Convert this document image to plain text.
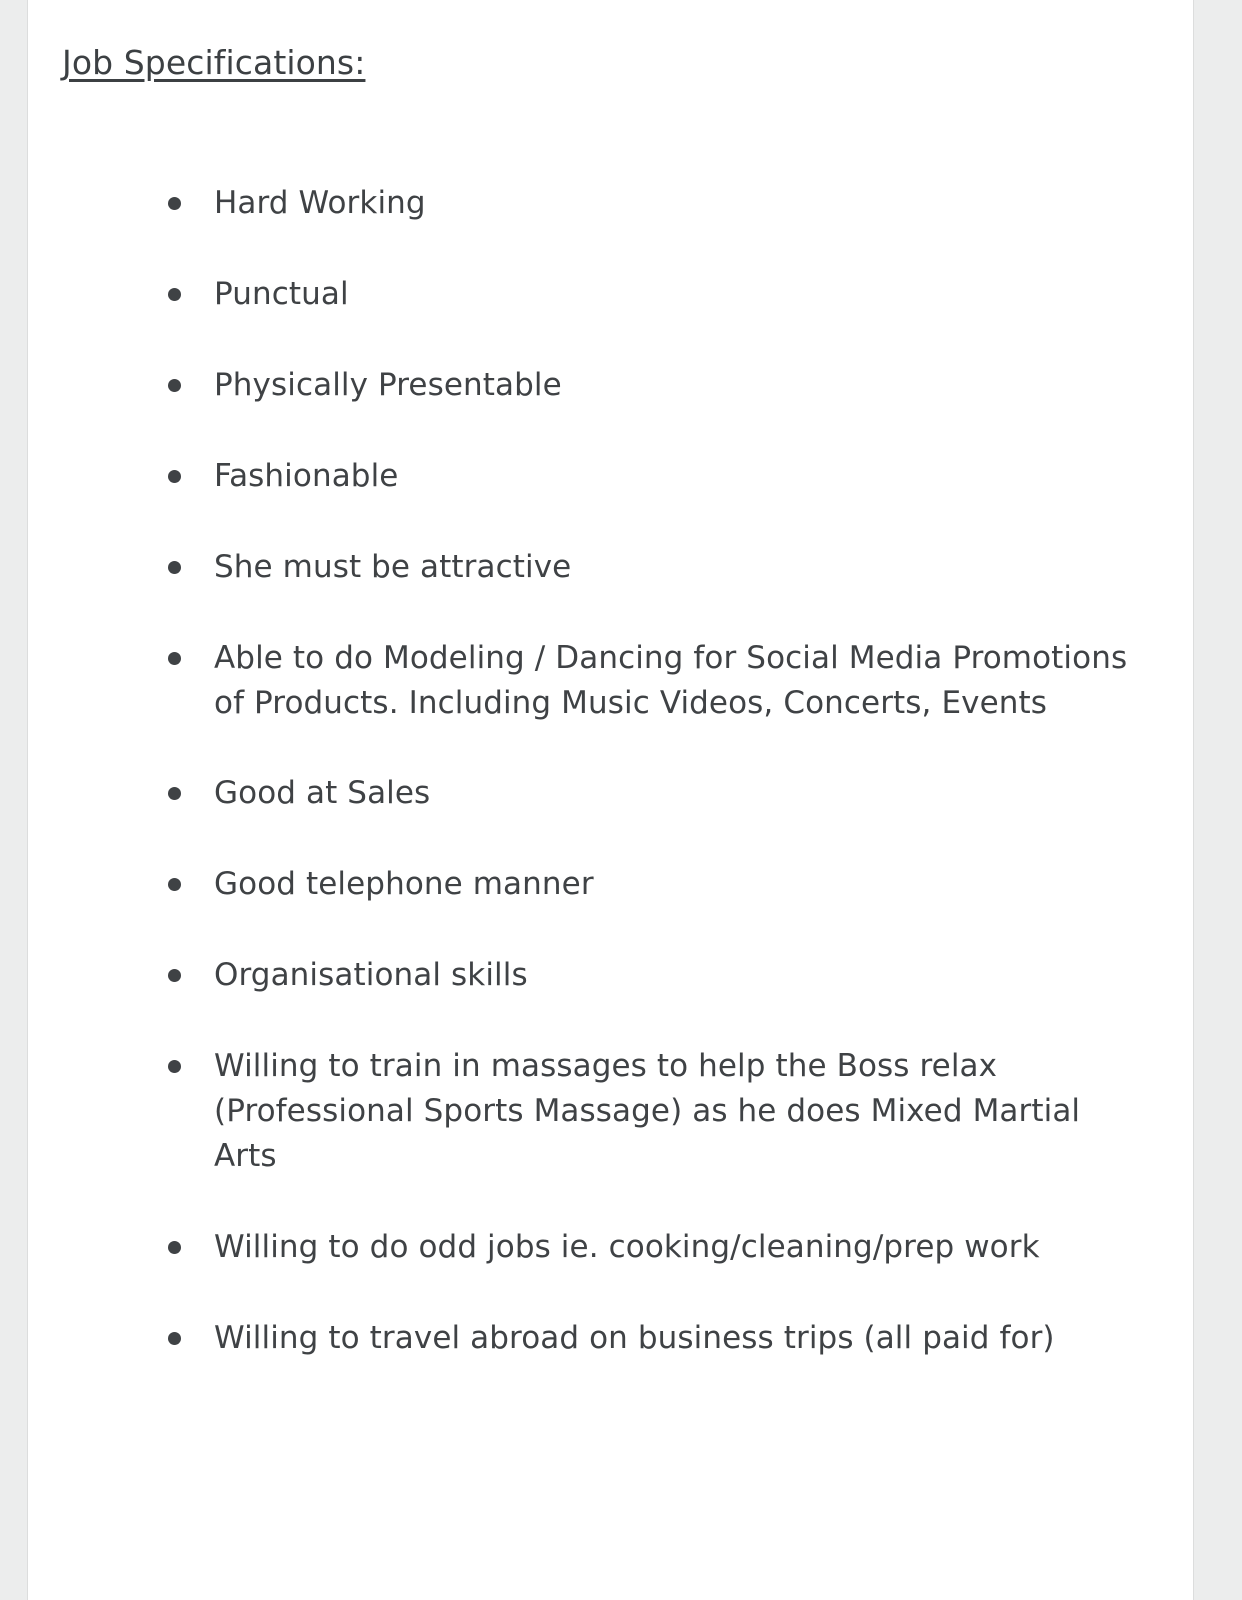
Job Specifications:
Hard Working
Punctual
Physically Presentable
Fashionable
She must be attractive
Able to do Modeling / Dancing for Social Media Promotions of Products. Including Music Videos, Concerts, Events
Good at Sales
Good telephone manner
Organisational skills
Willing to train in massages to help the Boss relax (Professional Sports Massage) as he does Mixed Martial Arts
Willing to do odd jobs ie. cooking/cleaning/prep work
Willing to travel abroad on business trips (all paid for)
